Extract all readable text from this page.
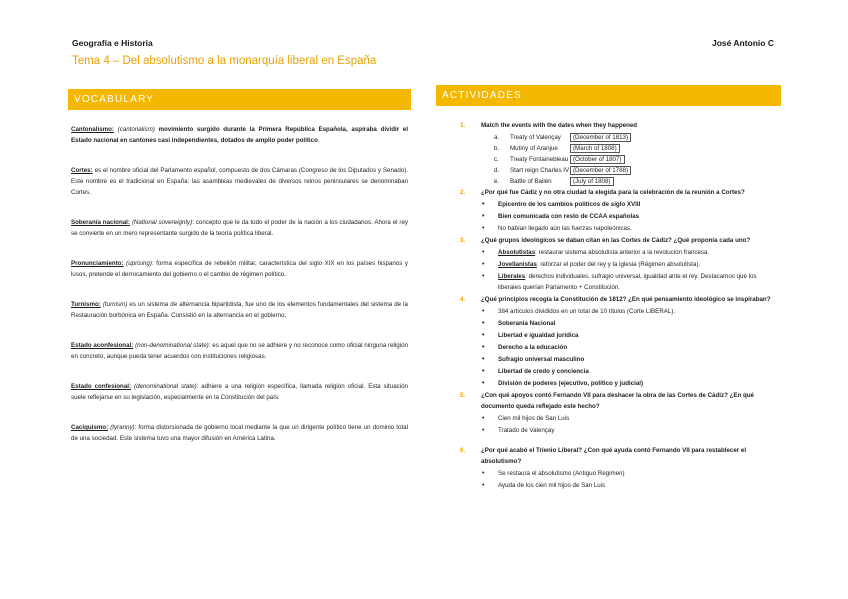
Geografía e Historia	José Antonio C
Tema 4 – Del absolutismo a la monarquía liberal en España
VOCABULARY

Cantonalismo: (cantonalism) movimiento surgido durante la Primera República Española, aspiraba dividir el Estado nacional en cantones casi independientes, dotados de amplio poder político.

Cortes: es el nombre oficial del Parlamento español, compuesto de dos Cámaras (Congreso de los Diputados y Senado). Este nombre es el tradicional en España: las asambleas medievales de diversos reinos peninsulares se denominaban Cortes.

Soberanía nacional: (National sovereignty): concepto que le da todo el poder de la nación a los ciudadanos. Ahora el rey se convierte en un mero representante surgido de la teoría política liberal.

Pronunciamiento: (uprising): forma específica de rebelión militar, característica del siglo XIX en los países hispanos y lusos, pretende el derrocamiento del gobierno o el cambio de régimen político.

Turnismo: (turnism) es un sistema de alternancia bipartidista, fue uno de los elementos fundamentales del sistema de la Restauración borbónica en España. Consistió en la alternancia en el gobierno.

Estado aconfesional: (non-denominational state): es aquel que no se adhiere y no reconoce como oficial ninguna religión en concreto, aunque pueda tener acuerdos con instituciones religiosas.

Estado confesional: (denominational state): adhiere a una religión específica, llamada religión oficial. Esta situación suele reflejarse en su legislación, especialmente en la Constitución del país.

Caciquismo: (tyranny): forma distorsionada de gobierno local mediante la que un dirigente político tiene un dominio total de una sociedad. Este sistema tuvo una mayor difusión en América Latina.

ACTIVIDADES
1.	Match the events with the dates when they happened
a. Treaty of Valençay (December of 1813)
b. Mutiny of Aranjue (March of 1808)
c. Treaty Fontainebleau (October of 1807)
d. Start reign Charles IV (December of 1788)
e. Battle of Bailén	(July of 1808)
2.	¿Por qué fue Cádiz y no otra ciudad la elegida para la celebración de la reunión a Cortes?
• Epicentro de los cambios políticos de siglo XVIII
• Bien comunicada con resto de CCAA españolas
• No habían llegado aún las fuerzas napoleónicas.
3.	¿Qué grupos ideológicos se daban citan en las Cortes de Cádiz? ¿Qué proponía cada uno?
• Absolutistas: restaurar sistema absolutista anterior a la revolución francesa.
• Jovellanistas: reforzar el poder del rey y la iglesia (Régimen absolutista).
• Liberales: derechos individuales, sufragio universal, igualdad ante el rey. Destacamos que los liberales querían Parlamento + Constitución.
4.	¿Qué principios recogía la Constitución de 1812? ¿En qué pensamiento ideológico se inspiraban?
• 384 artículos divididos en un total de 10 títulos (Corte LIBERAL).
• Soberanía Nacional
• Libertad e igualdad jurídica
• Derecho a la educación
• Sufragio universal masculino
• Libertad de credo y conciencia
• División de poderes (ejecutivo, político y judicial)
5.	¿Con qué apoyos contó Fernando VII para deshacer la obra de las Cortes de Cádiz? ¿En qué documento queda reflejado este hecho?
• Cien mil hijos de San Luis
• Tratado de Valençay
6.	¿Por qué acabó el Trienio Liberal? ¿Con qué ayuda contó Fernando VII para restablecer el absolutismo?
• Se restaura el absolutismo (Antiguo Regimen)
• Ayuda de los cien mil hijos de San Luis
